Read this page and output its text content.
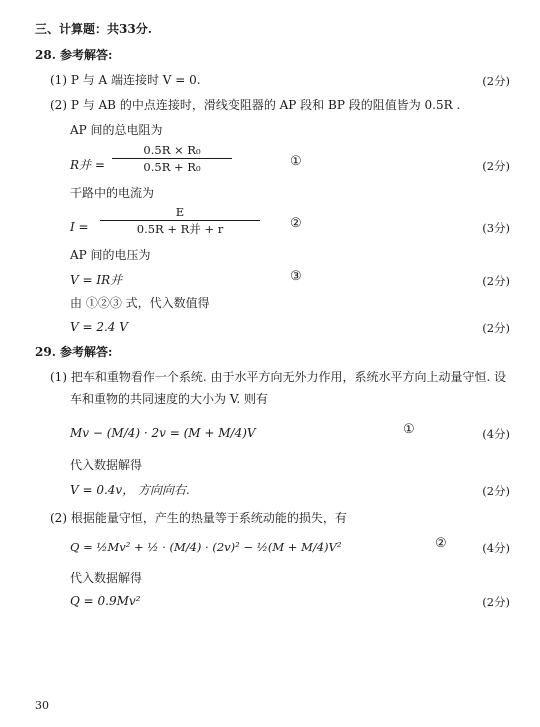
三、计算题：共33分.
28. 参考解答:
(1) P 与 A 端连接时 V = 0.	(2分)
(2) P 与 AB 的中点连接时，滑线变阻器的 AP 段和 BP 段的阻值皆为 0.5R .
AP 间的总电阻为
R并 =
0.5R × R₀
0.5R + R₀	①	(2分)
干路中的电流为
I =
E
0.5R + R并 + r	②	(3分)
AP 间的电压为
V = IR并	③	(2分)
由 ①②③ 式，代入数值得
V = 2.4 V	(2分)
29. 参考解答:
(1) 把车和重物看作一个系统. 由于水平方向无外力作用，系统水平方向上动量守恒. 设
车和重物的共同速度的大小为 V. 则有
Mv − (M/4) · 2v = (M + M/4)V	①	(4分)
代入数据解得
V = 0.4v， 方向向右.	(2分)
(2) 根据能量守恒，产生的热量等于系统动能的损失，有
Q = ½Mv² + ½ · (M/4) · (2v)² − ½(M + M/4)V²	②	(4分)
代入数据解得
Q = 0.9Mv²	(2分)
30
